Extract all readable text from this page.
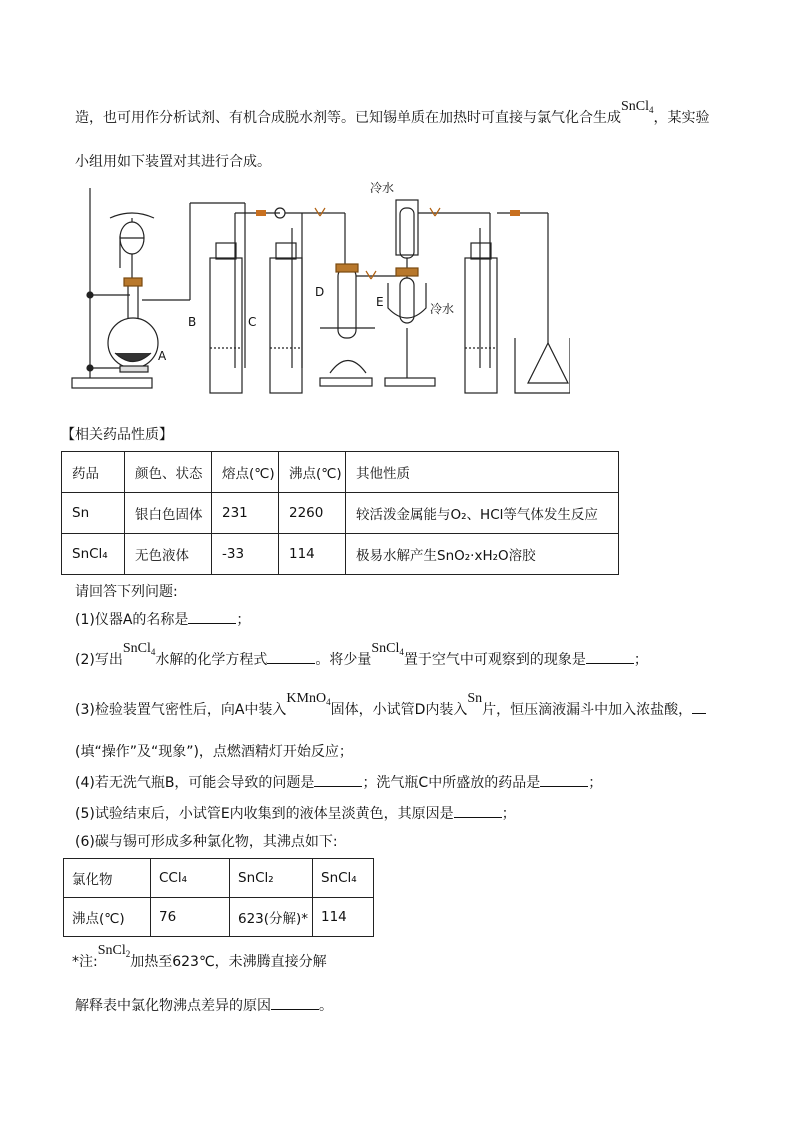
造，也可用作分析试剂、有机合成脱水剂等。已知锡单质在加热时可直接与氯气化合生成SnCl$_4$，某实验
小组用如下装置对其进行合成。
A
B	C
D
E
冷水
冷水
【相关药品性质】
药品	颜色、状态	熔点(℃)	沸点(℃)	其他性质
Sn	银白色固体	231	2260	较活泼金属能与O₂、HCl等气体发生反应
SnCl₄	无色液体	-33	114	极易水解产生SnO₂·xH₂O溶胶
请回答下列问题:
(1)仪器A的名称是	；
(2)写出SnCl$_4$水解的化学方程式	。将少量SnCl$_4$置于空气中可观察到的现象是	；
(3)检验装置气密性后，向A中装入KMnO$_4$固体，小试管D内装入Sn片，恒压滴液漏斗中加入浓盐酸，
(填“操作”及“现象”)，点燃酒精灯开始反应；
(4)若无洗气瓶B，可能会导致的问题是	；洗气瓶C中所盛放的药品是	；
(5)试验结束后，小试管E内收集到的液体呈淡黄色，其原因是	；
(6)碳与锡可形成多种氯化物，其沸点如下:
氯化物	CCl₄	SnCl₂	SnCl₄
沸点(℃)	76	623(分解)*	114
*注:SnCl$_2$加热至623℃，未沸腾直接分解
解释表中氯化物沸点差异的原因	。
